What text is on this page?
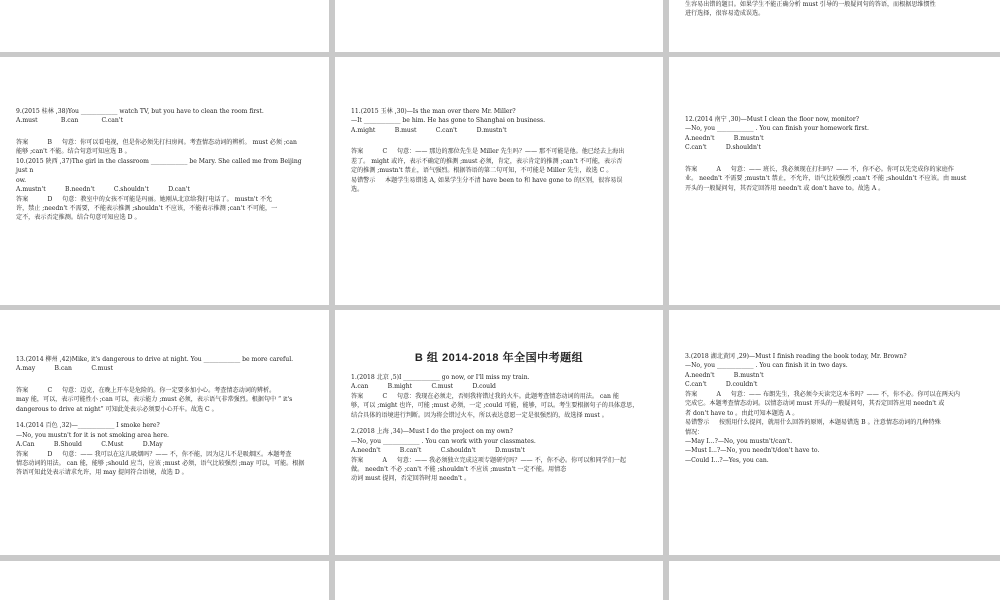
生容易出错的题目。如果学生不能正确分析 must 引导的一般疑问句的答语，而根据思维惯性

进行选择，很容易造成误选。

9.(2015 桂林 ,38)You ____________ watch TV, but you have to clean the room first.

A.must            B.can            C.can't

答案          B     句意：你可以看电视，但是你必须先打扫房间。考查情态动词的辨析。 must 必须 ;can

能够 ;can't 不能。结合句意可知应选 B 。

10.(2015 陕西 ,37)The girl in the classroom ____________ be Mary. She called me from Beijing just n

ow.

A.mustn't          B.needn't          C.shouldn't          D.can't

答案          D     句意：教室中的女孩不可能是玛丽。她刚从北京给我打电话了。 mustn't 不允

许，禁止 ;needn't 不需要，不能表示推测 ;shouldn't 不应该，不能表示推测 ;can't 不可能，一

定不，表示否定推测。结合句意可知应选 D 。

11.(2015 玉林 ,30)—Is the man over there Mr. Miller?

—It ____________ be him. He has gone to Shanghai on business.

A.might          B.must          C.can't          D.mustn't

答案          C     句意：—— 那边的那位先生是 Miller 先生吗？—— 那不可能是他。他已经去上海出

差了。 might 或许，表示不确定的推测 ;must 必须，肯定，表示肯定的推测 ;can't 不可能，表示否

定的推测 ;mustn't 禁止，语气强烈。根据答语的第二句可知，不可能是 Miller 先生，故选 C 。

易错警示     本题学生易错选 A, 如果学生分不清 have been to 和 have gone to 的区别，很容易误

选。

12.(2014 南宁 ,30)—Must I clean the floor now, monitor?

—No, you ____________ . You can finish your homework first.

A.needn't          B.mustn't

C.can't          D.shouldn't

答案          A     句意：—— 班长，我必须现在打扫吗？—— 不，你不必。你可以先完成你的家庭作

业。 needn't 不需要 ;mustn't 禁止，不允许，语气比较强烈 ;can't 不能 ;shouldn't 不应该。由 must

开头的一般疑问句，其否定回答用 needn't 或 don't have to。故选 A 。

13.(2014 柳州 ,42)Mike, it's dangerous to drive at night. You ____________ be more careful.

A.may          B.can          C.must

答案          C     句意：迈克，在晚上开车是危险的。你一定要多加小心。考查情态动词的辨析。

may 能，可以，表示可能性小 ;can 可以，表示能力 ;must 必须，表示语气非常强烈。根据句中 “ it's

dangerous to drive at night” 可知此处表示必须要小心开车。故选 C 。

14.(2014 百色 ,32)—____________ I smoke here?

—No, you mustn't for it is not smoking area here.

A.Can          B.Should          C.Must          D.May

答案          D     句意：—— 我可以在这儿吸烟吗？—— 不，你不能，因为这儿不是吸烟区。本题考查

情态动词的用法。 can 能，能够 ;should 应当，应该 ;must 必须，语气比较强烈 ;may 可以，可能。根据

答语可知此处表示请求允许，用 may 提问符合语境，故选 D 。

B 组 2014-2018 年全国中考题组

1.(2018 北京 ,5)I ____________ go now, or I'll miss my train.

A.can          B.might          C.must          D.could

答案          C     句意：我现在必须走，否则我将错过我的火车。此题考查情态动词的用法。 can 能

够，可以 ;might 也许，可能 ;must 必须，一定 ;could 可能，能够，可以。考生要根据句子的具体意思，

结合具体的语境进行判断。因为将会错过火车，所以表达意愿一定是很强烈的，故选择 must 。

2.(2018 上海 ,34)—Must I do the project on my own?

—No, you ____________ . You can work with your classmates.

A.needn't          B.can't          C.shouldn't          D.mustn't

答案          A     句意：—— 我必须独立完成这项专题研究吗？—— 不，你不必。你可以和同学们一起

做。 needn't 不必 ;can't 不能 ;shouldn't 不应该 ;mustn't 一定不能。用情态

动词 must 提问，否定回答时用 needn't 。

3.(2018 湖北黄冈 ,29)—Must I finish reading the book today, Mr. Brown?

—No, you ____________ . You can finish it in two days.

A.needn't          B.mustn't

C.can't          D.couldn't

答案          A     句意：—— 布朗先生，我必须今天读完这本书吗？—— 不，你不必。你可以在两天内

完成它。本题考查情态动词。以情态动词 must 开头的一般疑问句，其否定回答应用 needn't 或

者 don't have to 。由此可知本题选 A 。

易错警示     按照用什么提问，就用什么回答的原则，本题易错选 B 。注意情态动词的几种特殊

情况：

—May I...?—No, you mustn't/can't.

—Must I...?—No, you needn't/don't have to.

—Could I...?—Yes, you can.
